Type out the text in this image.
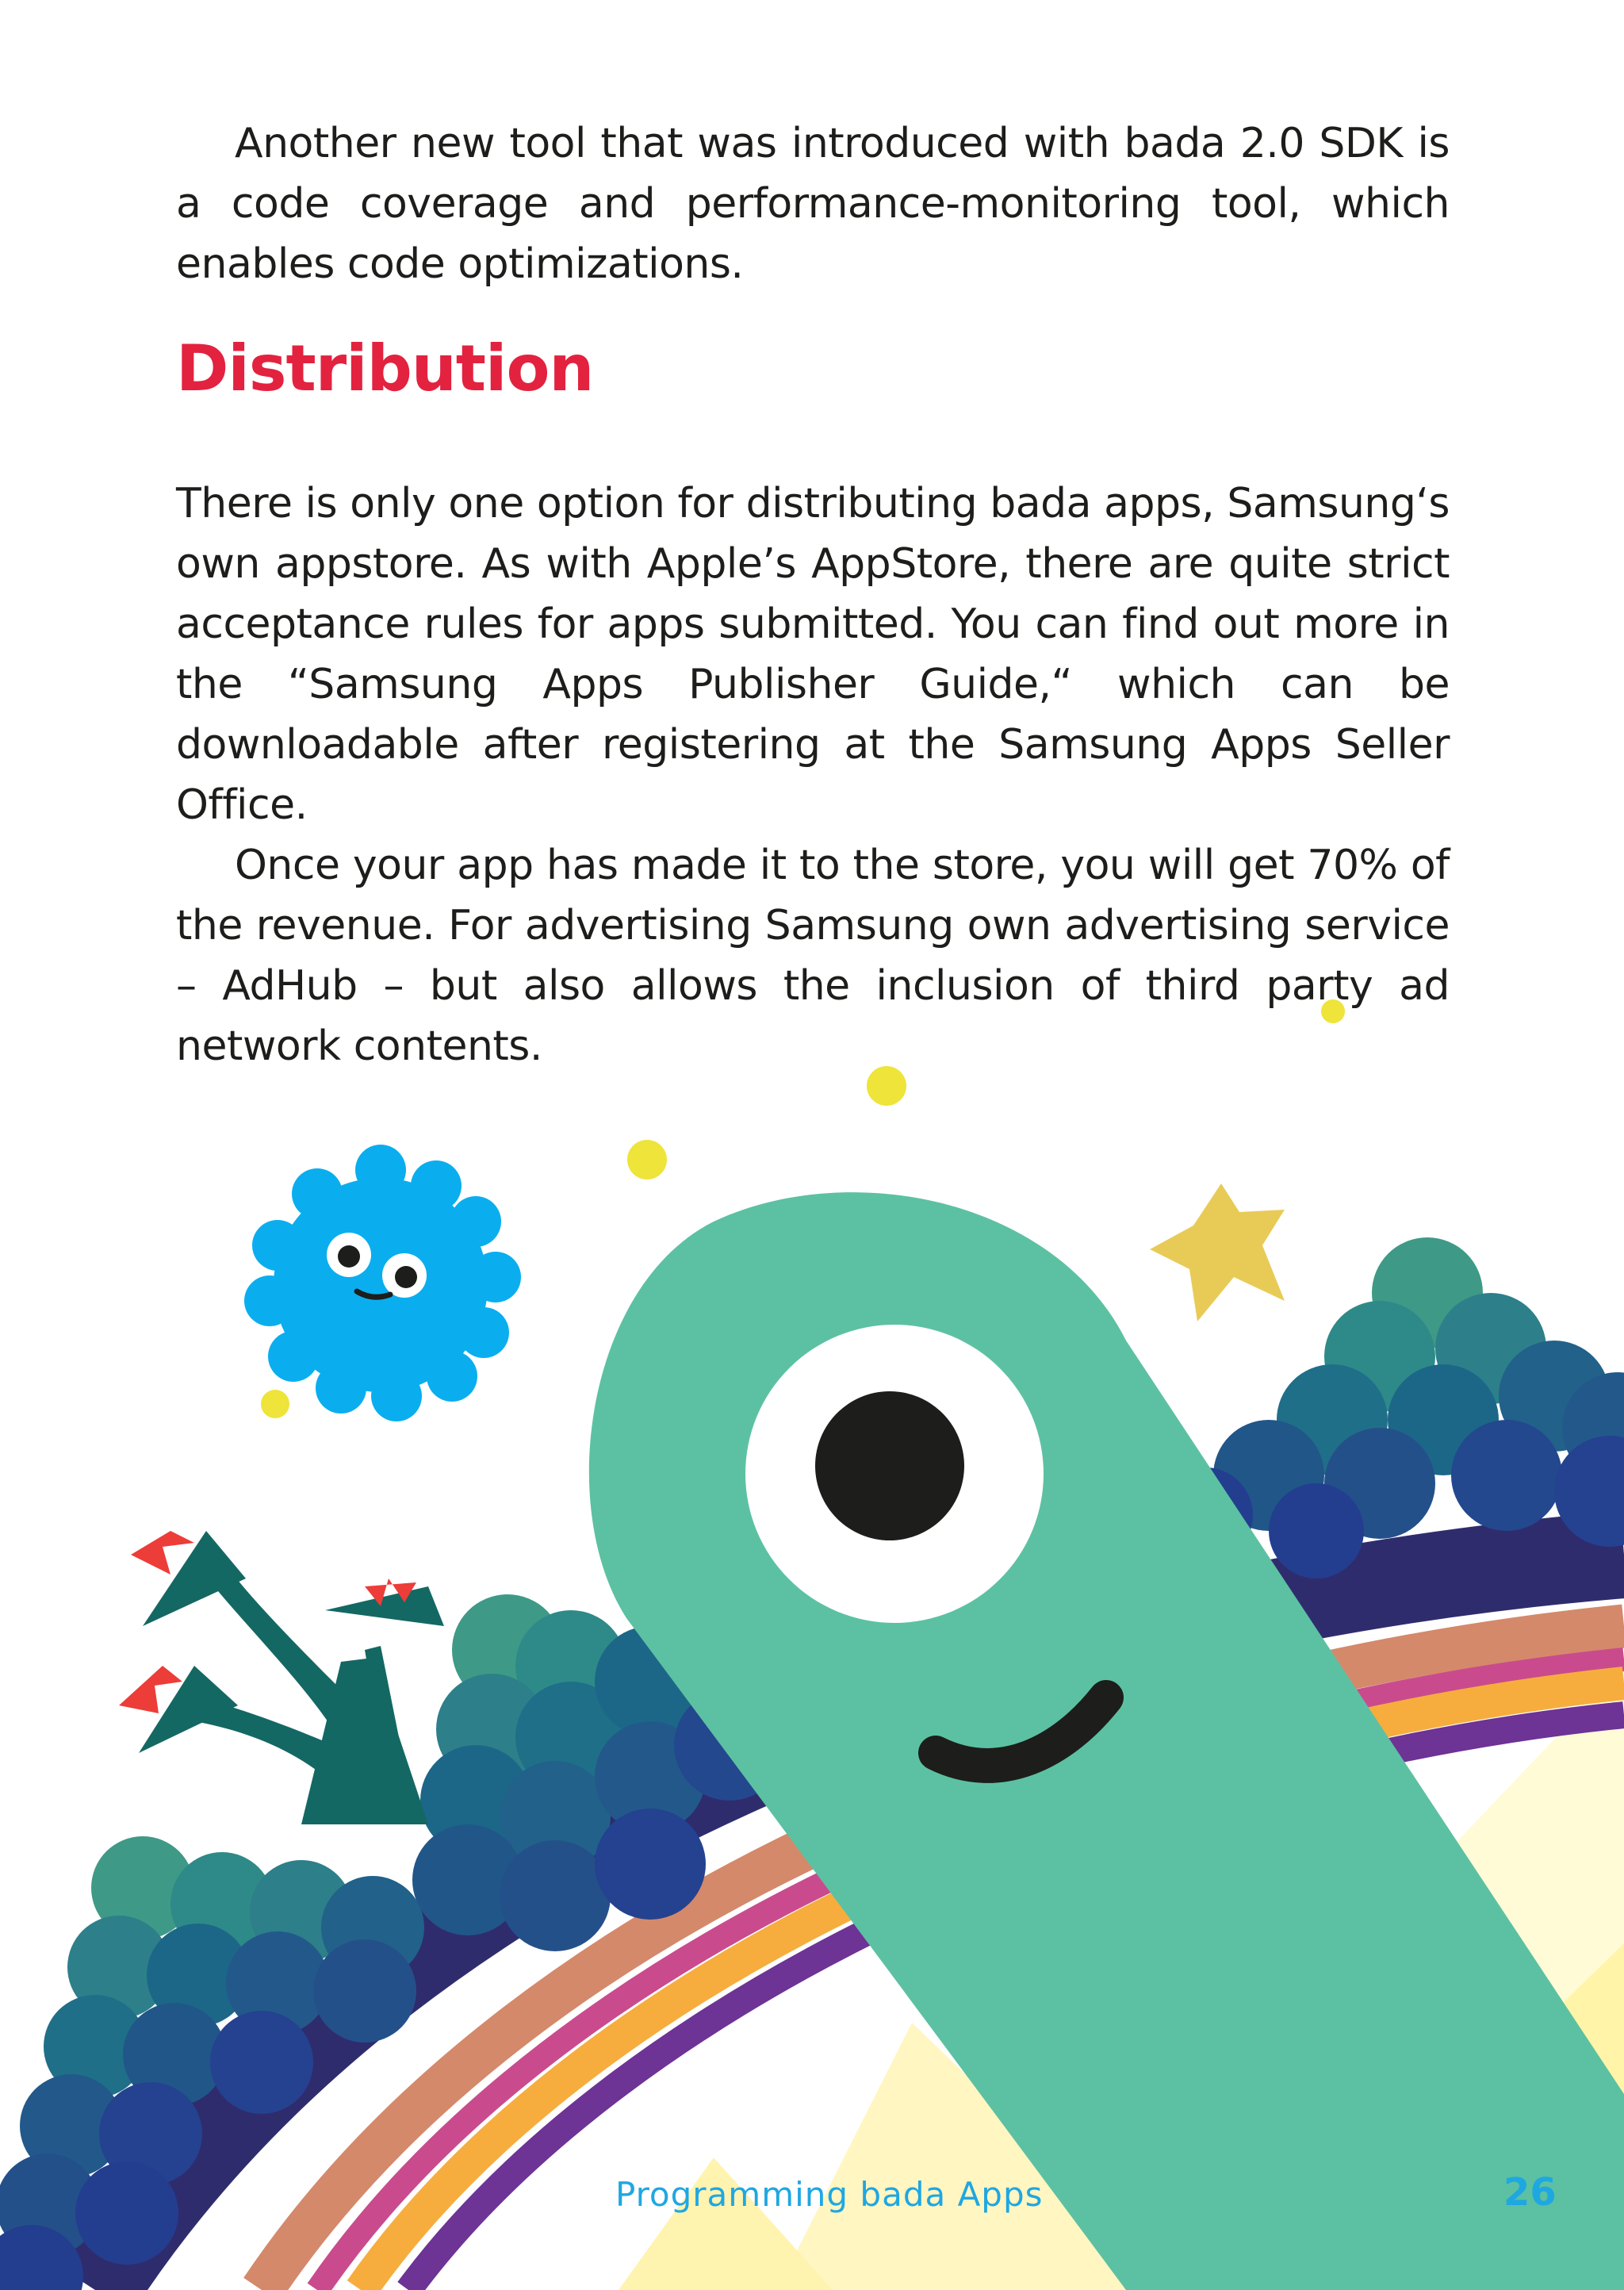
Another new tool that was introduced with bada 2.0 SDK is a code coverage and performance-monitoring tool, which enables code optimizations.

Distribution

There is only one option for distributing bada apps, Samsung‘s own appstore. As with Apple’s AppStore, there are quite strict acceptance rules for apps submitted. You can find out more in the “Samsung Apps Publisher Guide,“ which can be downloadable after registering at the Samsung Apps Seller Office.

Once your app has made it to the store, you will get 70% of the revenue. For advertising Samsung own advertising service – AdHub – but also allows the inclusion of third party ad network contents.

Programming bada Apps	26
